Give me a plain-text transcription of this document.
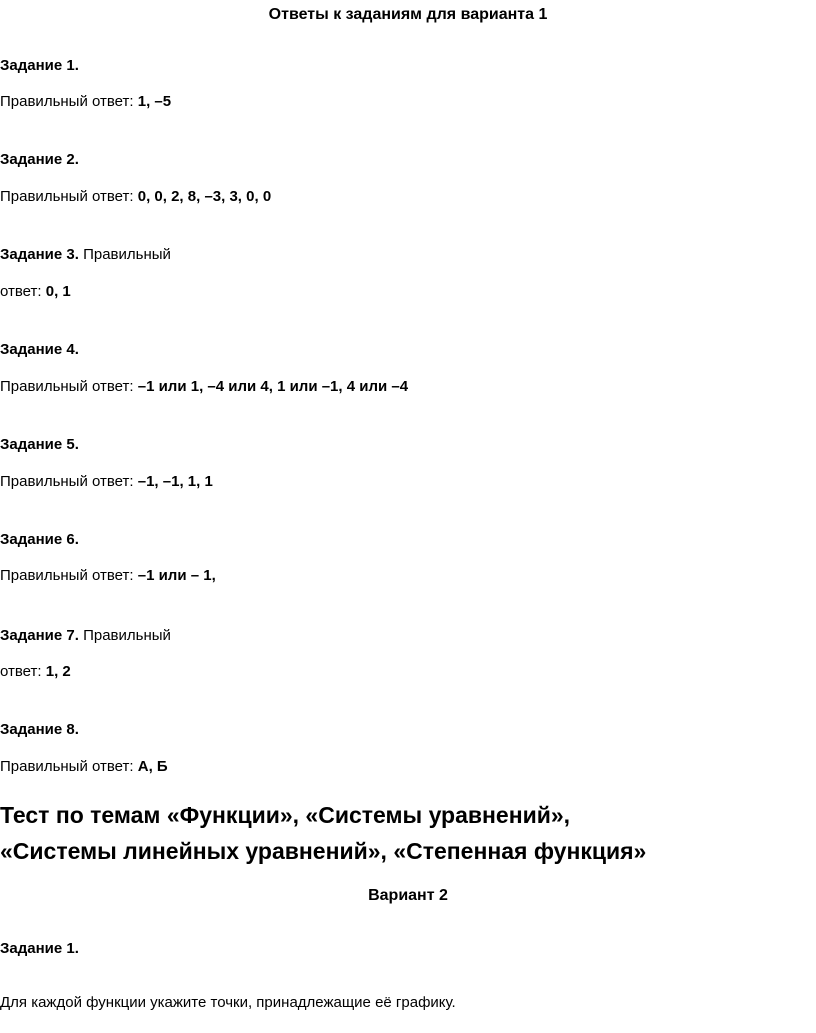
Ответы к заданиям для варианта 1

Задание 1.

Правильный ответ: 1, –5

Задание 2.

Правильный ответ: 0, 0, 2, 8, –3, 3, 0, 0

Задание 3. Правильный

ответ: 0, 1

Задание 4.

Правильный ответ: –1 или 1, –4 или 4, 1 или –1, 4 или –4

Задание 5.

Правильный ответ: –1, –1, 1, 1

Задание 6.

Правильный ответ: –1 или – 1,

Задание 7. Правильный

ответ: 1, 2

Задание 8.

Правильный ответ: А, Б

Тест по темам «Функции», «Системы уравнений»,
«Системы линейных уравнений», «Степенная функция»
Вариант 2

Задание 1.

Для каждой функции укажите точки, принадлежащие её графику.
